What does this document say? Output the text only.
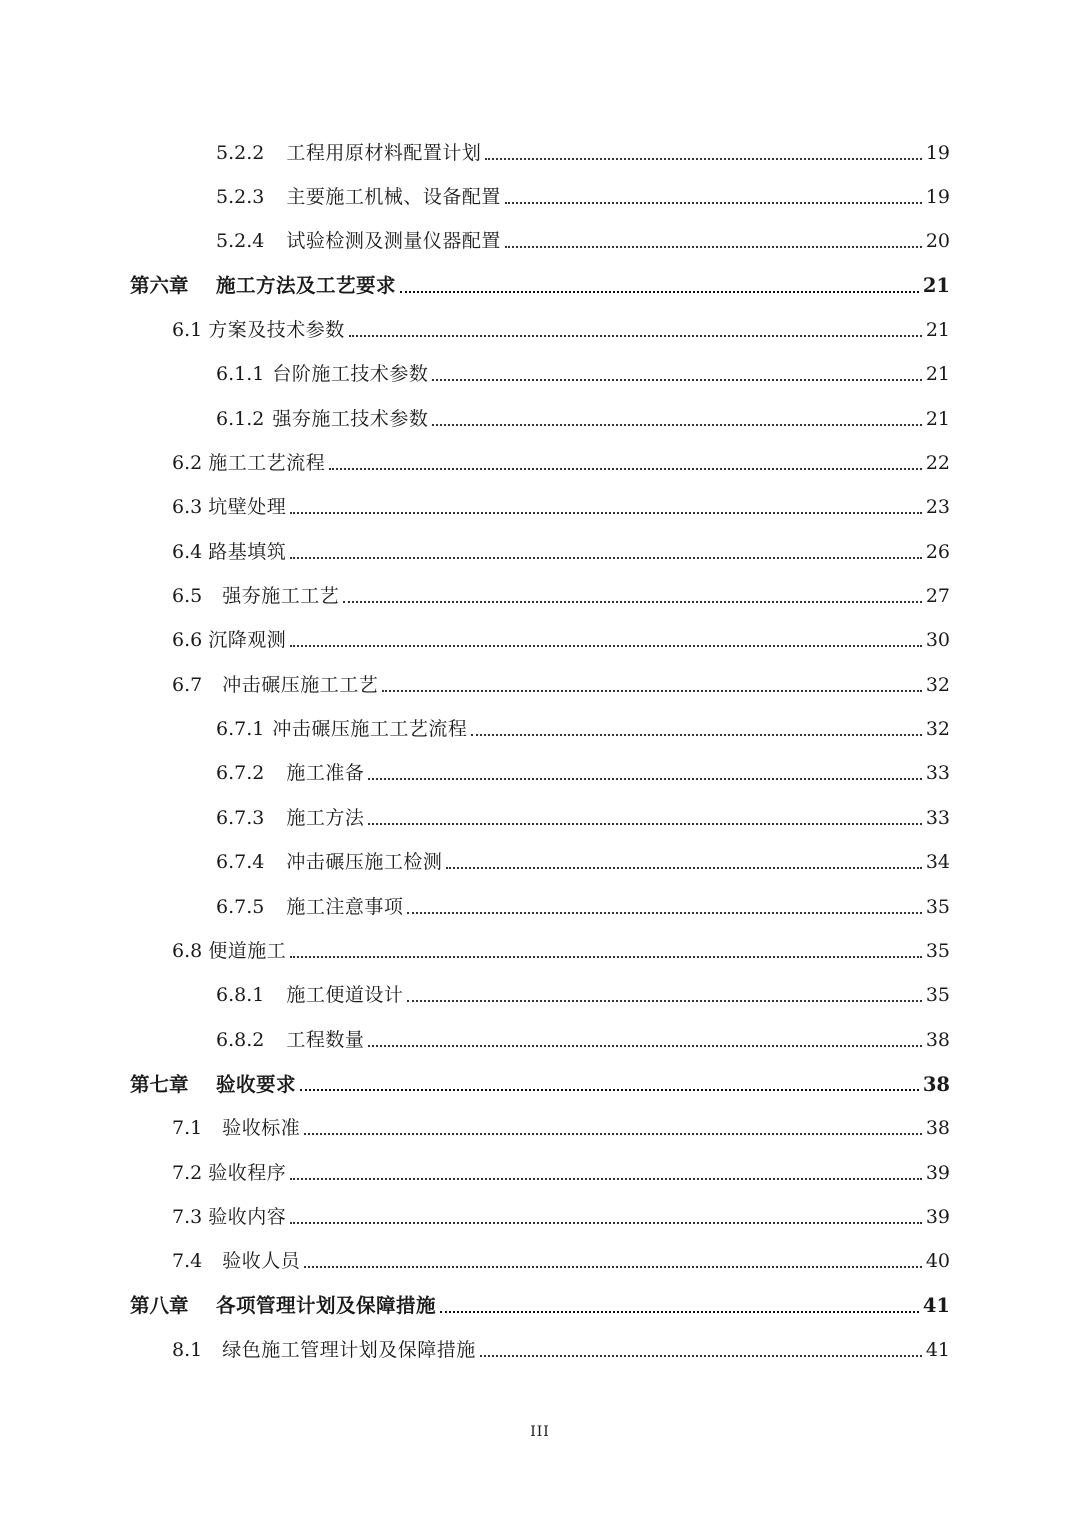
5.2.2 工程用原材料配置计划	19
5.2.3 主要施工机械、设备配置	19
5.2.4 试验检测及测量仪器配置	20
第六章	施工方法及工艺要求	21
6.1 方案及技术参数	21
6.1.1 台阶施工技术参数	21
6.1.2 强夯施工技术参数	21
6.2 施工工艺流程	22
6.3 坑壁处理	23
6.4 路基填筑	26
6.5 强夯施工工艺	27
6.6 沉降观测	30
6.7 冲击碾压施工工艺	32
6.7.1 冲击碾压施工工艺流程	32
6.7.2 施工准备	33
6.7.3 施工方法	33
6.7.4 冲击碾压施工检测	34
6.7.5 施工注意事项	35
6.8 便道施工	35
6.8.1 施工便道设计	35
6.8.2 工程数量	38
第七章	验收要求	38
7.1 验收标准	38
7.2 验收程序	39
7.3 验收内容	39
7.4 验收人员	40
第八章	各项管理计划及保障措施	41
8.1 绿色施工管理计划及保障措施	41
III
